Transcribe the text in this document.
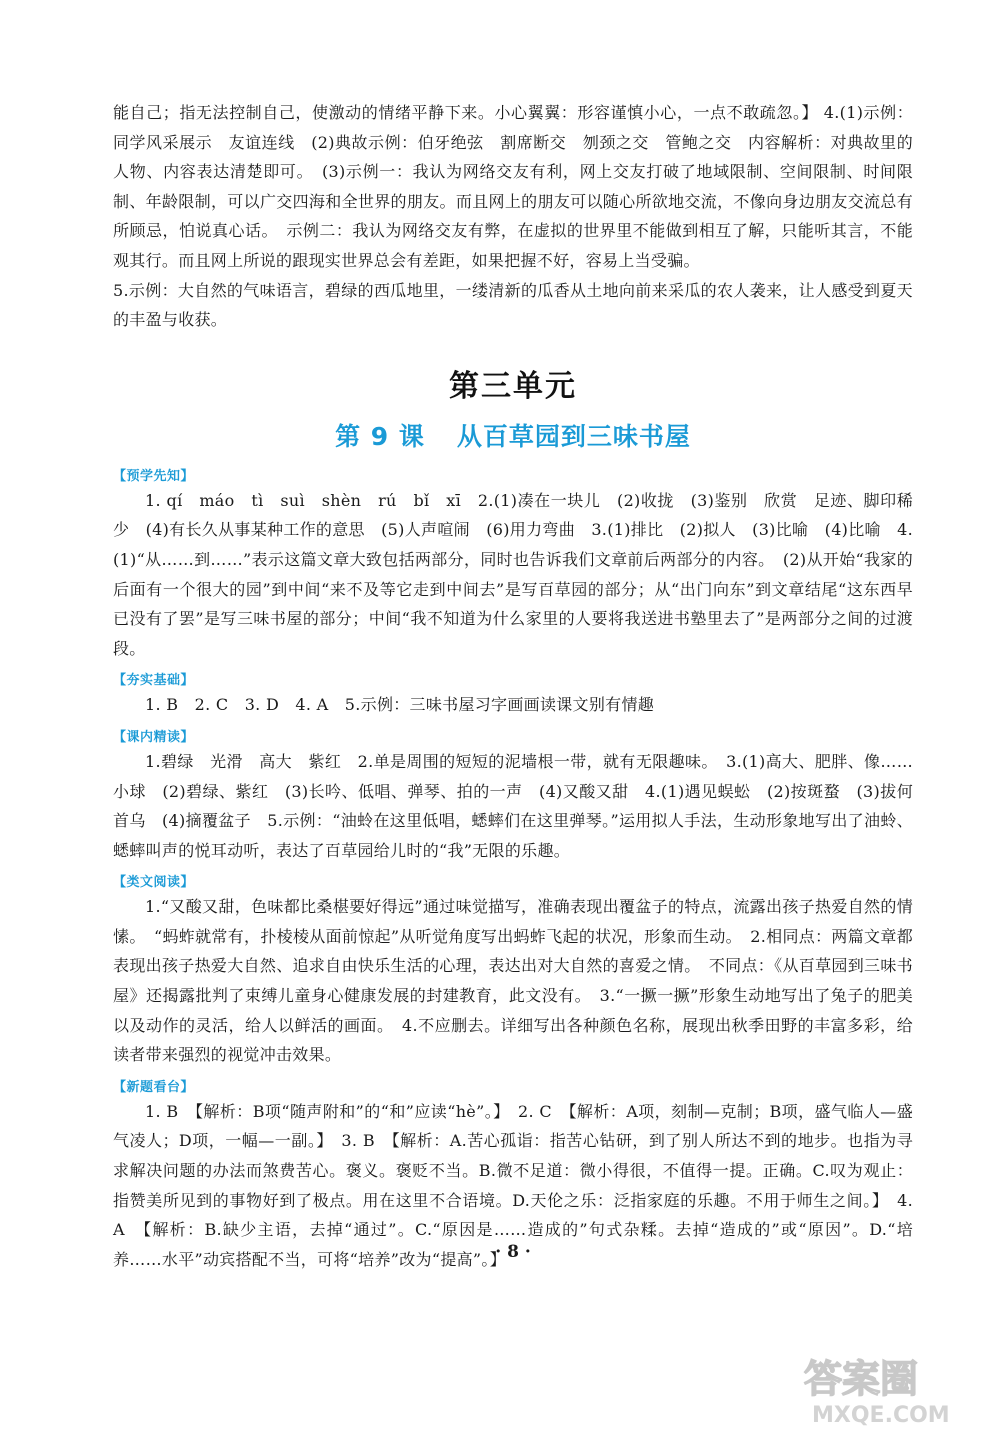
能自己；指无法控制自己，使激动的情绪平静下来。小心翼翼：形容谨慎小心，一点不敢疏忽。】 4.(1)示例：同学风采展示　友谊连线　(2)典故示例：伯牙绝弦　割席断交　刎颈之交　管鲍之交　内容解析：对典故里的人物、内容表达清楚即可。　(3)示例一：我认为网络交友有利，网上交友打破了地域限制、空间限制、时间限制、年龄限制，可以广交四海和全世界的朋友。而且网上的朋友可以随心所欲地交流，不像向身边朋友交流总有所顾忌，怕说真心话。　示例二：我认为网络交友有弊，在虚拟的世界里不能做到相互了解，只能听其言，不能观其行。而且网上所说的跟现实世界总会有差距，如果把握不好，容易上当受骗。

5.示例：大自然的气味语言，碧绿的西瓜地里，一缕清新的瓜香从土地向前来采瓜的农人袭来，让人感受到夏天的丰盈与收获。

第三单元
第 9 课 从百草园到三味书屋
【预学先知】

1. qí　máo　tì　suì　shèn　rú　bǐ　xī　2.(1)凑在一块儿　(2)收拢　(3)鉴别　欣赏　足迹、脚印稀少　(4)有长久从事某种工作的意思　(5)人声喧闹　(6)用力弯曲　3.(1)排比　(2)拟人　(3)比喻　(4)比喻　4.(1)“从……到……”表示这篇文章大致包括两部分，同时也告诉我们文章前后两部分的内容。　(2)从开始“我家的后面有一个很大的园”到中间“来不及等它走到中间去”是写百草园的部分；从“出门向东”到文章结尾“这东西早已没有了罢”是写三味书屋的部分；中间“我不知道为什么家里的人要将我送进书塾里去了”是两部分之间的过渡段。

【夯实基础】

1. B　2. C　3. D　4. A　5.示例：三味书屋习字画画读课文别有情趣

【课内精读】

1.碧绿　光滑　高大　紫红　2.单是周围的短短的泥墙根一带，就有无限趣味。　3.(1)高大、肥胖、像……小球　(2)碧绿、紫红　(3)长吟、低唱、弹琴、拍的一声　(4)又酸又甜　4.(1)遇见蜈蚣　(2)按斑蝥　(3)拔何首乌　(4)摘覆盆子　5.示例：“油蛉在这里低唱，蟋蟀们在这里弹琴。”运用拟人手法，生动形象地写出了油蛉、蟋蟀叫声的悦耳动听，表达了百草园给儿时的“我”无限的乐趣。

【类文阅读】

1.“又酸又甜，色味都比桑椹要好得远”通过味觉描写，准确表现出覆盆子的特点，流露出孩子热爱自然的情愫。　“蚂蚱就常有，扑棱棱从面前惊起”从听觉角度写出蚂蚱飞起的状况，形象而生动。　2.相同点：两篇文章都表现出孩子热爱大自然、追求自由快乐生活的心理，表达出对大自然的喜爱之情。　不同点：《从百草园到三味书屋》还揭露批判了束缚儿童身心健康发展的封建教育，此文没有。　3.“一撅一撅”形象生动地写出了兔子的肥美以及动作的灵活，给人以鲜活的画面。　4.不应删去。详细写出各种颜色名称，展现出秋季田野的丰富多彩，给读者带来强烈的视觉冲击效果。

【新题看台】

1. B　【解析：B项“随声附和”的“和”应读“hè”。】　2. C　【解析：A项，刻制—克制；B项，盛气临人—盛气凌人；D项，一幅—一副。】　3. B　【解析：A.苦心孤诣：指苦心钻研，到了别人所达不到的地步。也指为寻求解决问题的办法而煞费苦心。褒义。褒贬不当。B.微不足道：微小得很，不值得一提。正确。C.叹为观止：指赞美所见到的事物好到了极点。用在这里不合语境。D.天伦之乐：泛指家庭的乐趣。不用于师生之间。】　4. A　【解析：B.缺少主语，去掉“通过”。C.“原因是……造成的”句式杂糅。去掉“造成的”或“原因”。D.“培养……水平”动宾搭配不当，可将“培养”改为“提高”。】

· 8 ·
答案圈
MXQE.COM
